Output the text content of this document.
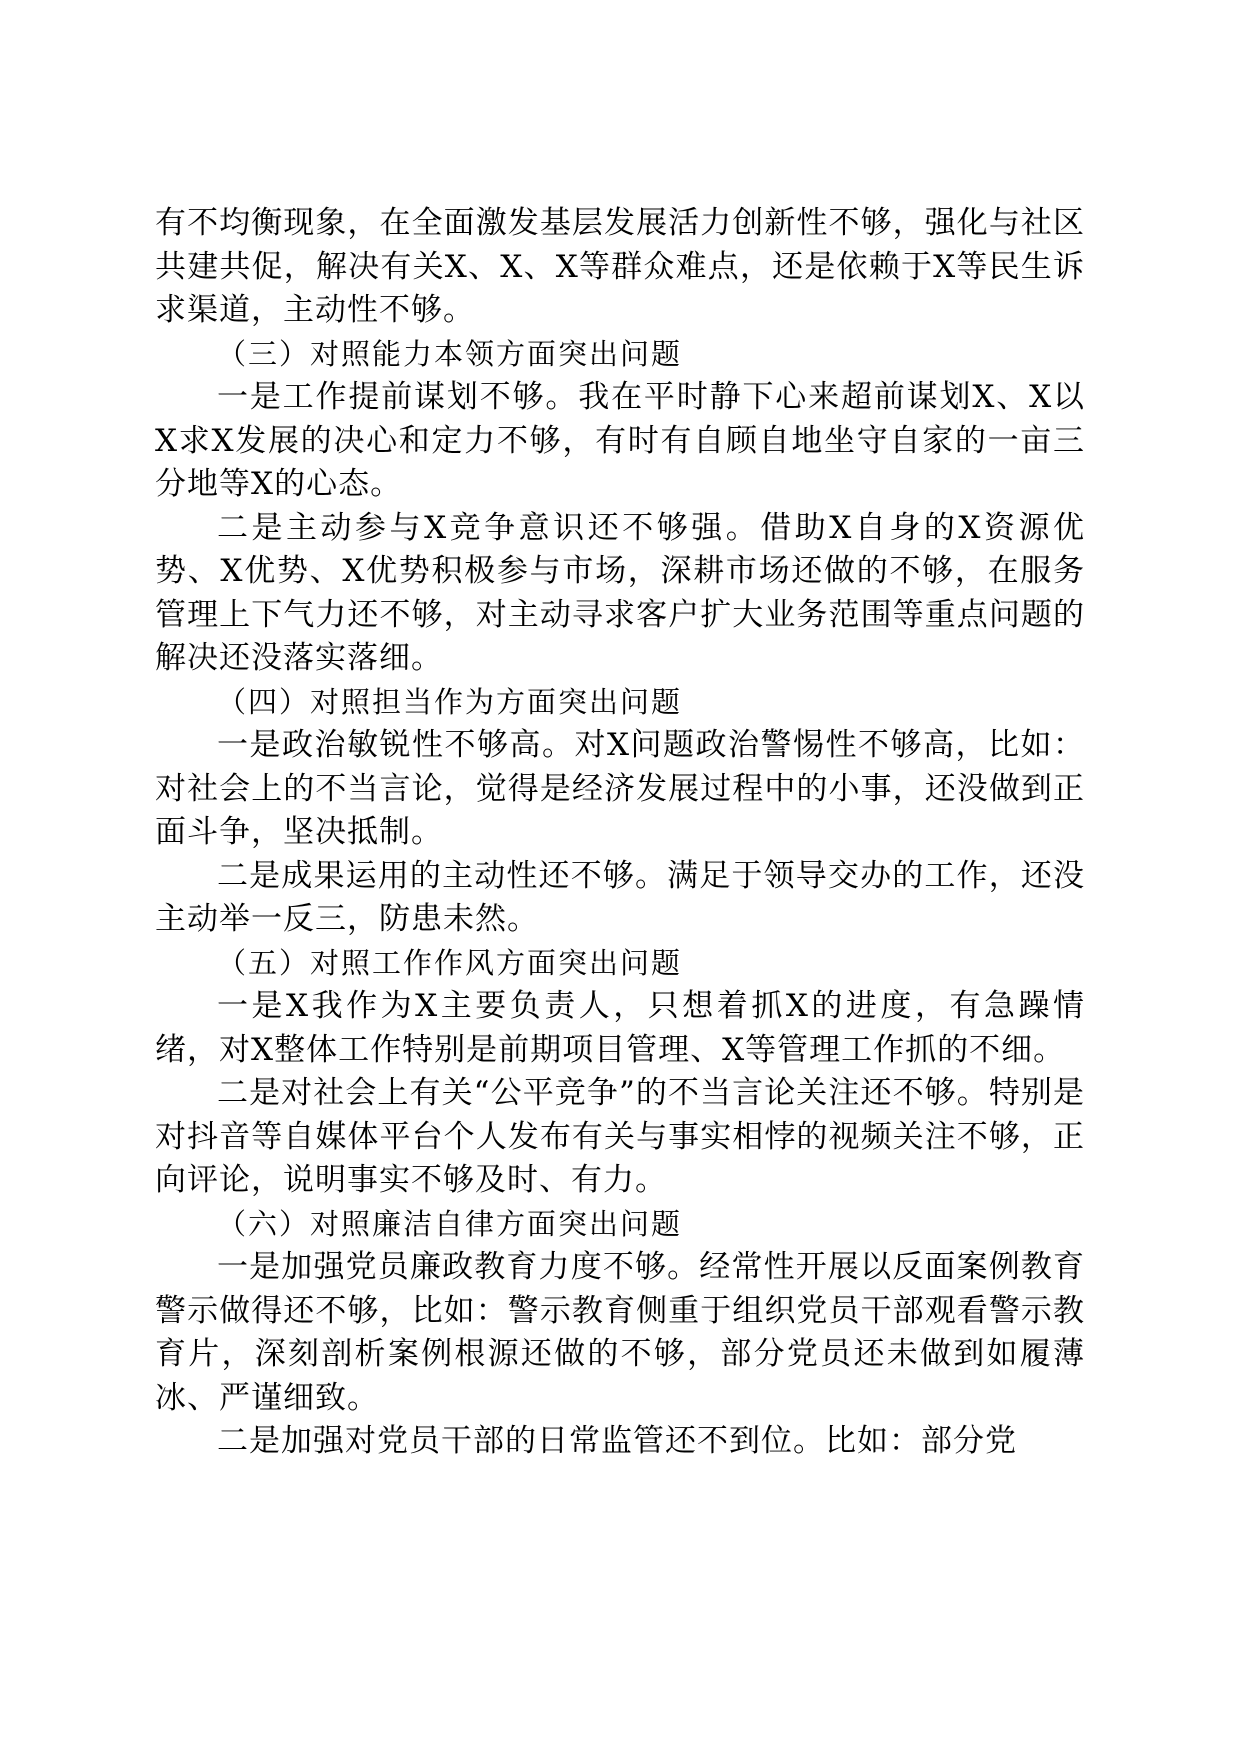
有不均衡现象，在全面激发基层发展活力创新性不够，强化与社区共建共促，解决有关X、X、X等群众难点，还是依赖于X等民生诉求渠道，主动性不够。

（三）对照能力本领方面突出问题

一是工作提前谋划不够。我在平时静下心来超前谋划X、X以X求X发展的决心和定力不够，有时有自顾自地坐守自家的一亩三分地等X的心态。

二是主动参与X竞争意识还不够强。借助X自身的X资源优势、X优势、X优势积极参与市场，深耕市场还做的不够，在服务管理上下气力还不够，对主动寻求客户扩大业务范围等重点问题的解决还没落实落细。

（四）对照担当作为方面突出问题

一是政治敏锐性不够高。对X问题政治警惕性不够高，比如：对社会上的不当言论，觉得是经济发展过程中的小事，还没做到正面斗争，坚决抵制。

二是成果运用的主动性还不够。满足于领导交办的工作，还没主动举一反三，防患未然。

（五）对照工作作风方面突出问题

一是X我作为X主要负责人，只想着抓X的进度，有急躁情绪，对X整体工作特别是前期项目管理、X等管理工作抓的不细。

二是对社会上有关“公平竞争”的不当言论关注还不够。特别是对抖音等自媒体平台个人发布有关与事实相悖的视频关注不够，正向评论，说明事实不够及时、有力。

（六）对照廉洁自律方面突出问题

一是加强党员廉政教育力度不够。经常性开展以反面案例教育警示做得还不够，比如：警示教育侧重于组织党员干部观看警示教育片，深刻剖析案例根源还做的不够，部分党员还未做到如履薄冰、严谨细致。

二是加强对党员干部的日常监管还不到位。比如：部分党
